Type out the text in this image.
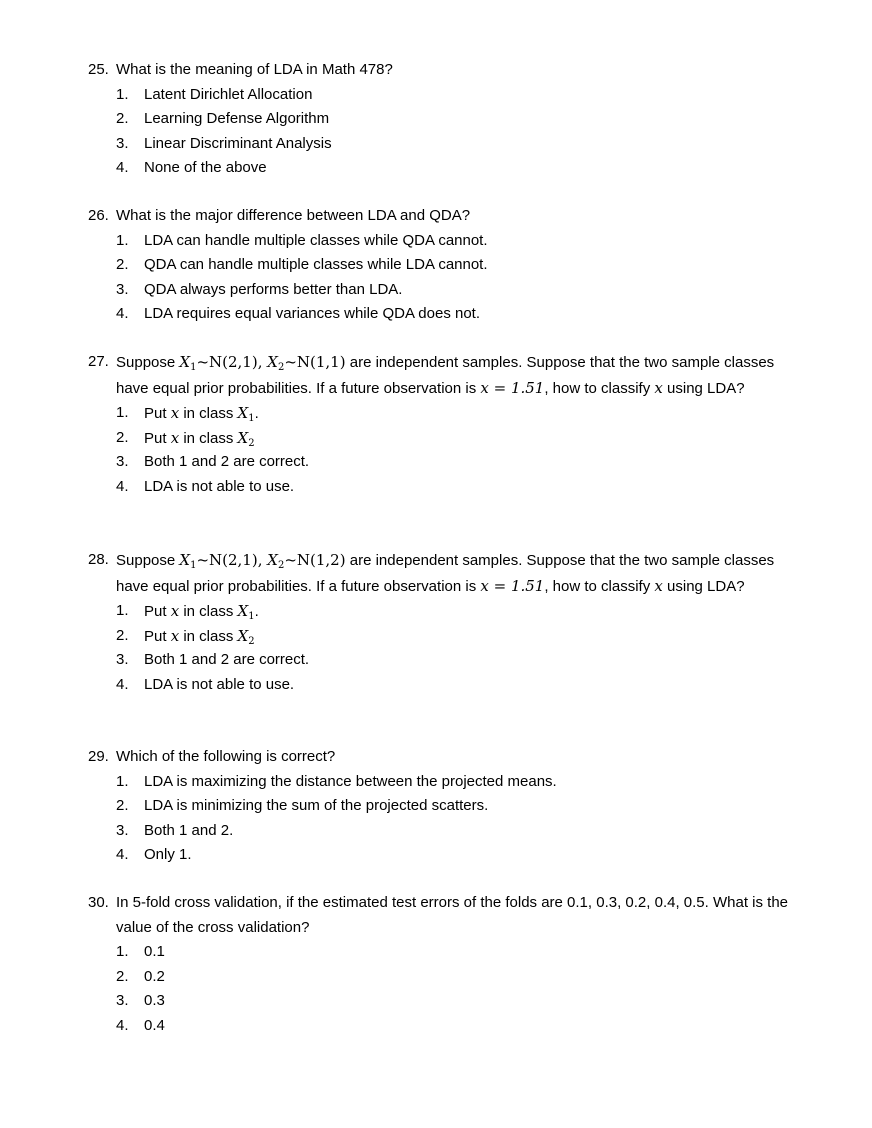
25. What is the meaning of LDA in Math 478?
1. Latent Dirichlet Allocation
2. Learning Defense Algorithm
3. Linear Discriminant Analysis
4. None of the above
26. What is the major difference between LDA and QDA?
1. LDA can handle multiple classes while QDA cannot.
2. QDA can handle multiple classes while LDA cannot.
3. QDA always performs better than LDA.
4. LDA requires equal variances while QDA does not.
27. Suppose $X_1\sim N(2,1)$, $X_2\sim N(1,1)$ are independent samples. Suppose that the two sample classes have equal prior probabilities. If a future observation is x = 1.51, how to classify x using LDA?
1. Put x in class $X_1$.
2. Put x in class $X_2$
3. Both 1 and 2 are correct.
4. LDA is not able to use.
28. Suppose $X_1\sim N(2,1)$, $X_2\sim N(1,2)$ are independent samples. Suppose that the two sample classes have equal prior probabilities. If a future observation is x = 1.51, how to classify x using LDA?
1. Put x in class $X_1$.
2. Put x in class $X_2$
3. Both 1 and 2 are correct.
4. LDA is not able to use.
29. Which of the following is correct?
1. LDA is maximizing the distance between the projected means.
2. LDA is minimizing the sum of the projected scatters.
3. Both 1 and 2.
4. Only 1.
30. In 5-fold cross validation, if the estimated test errors of the folds are 0.1, 0.3, 0.2, 0.4, 0.5. What is the value of the cross validation?
1. 0.1
2. 0.2
3. 0.3
4. 0.4
